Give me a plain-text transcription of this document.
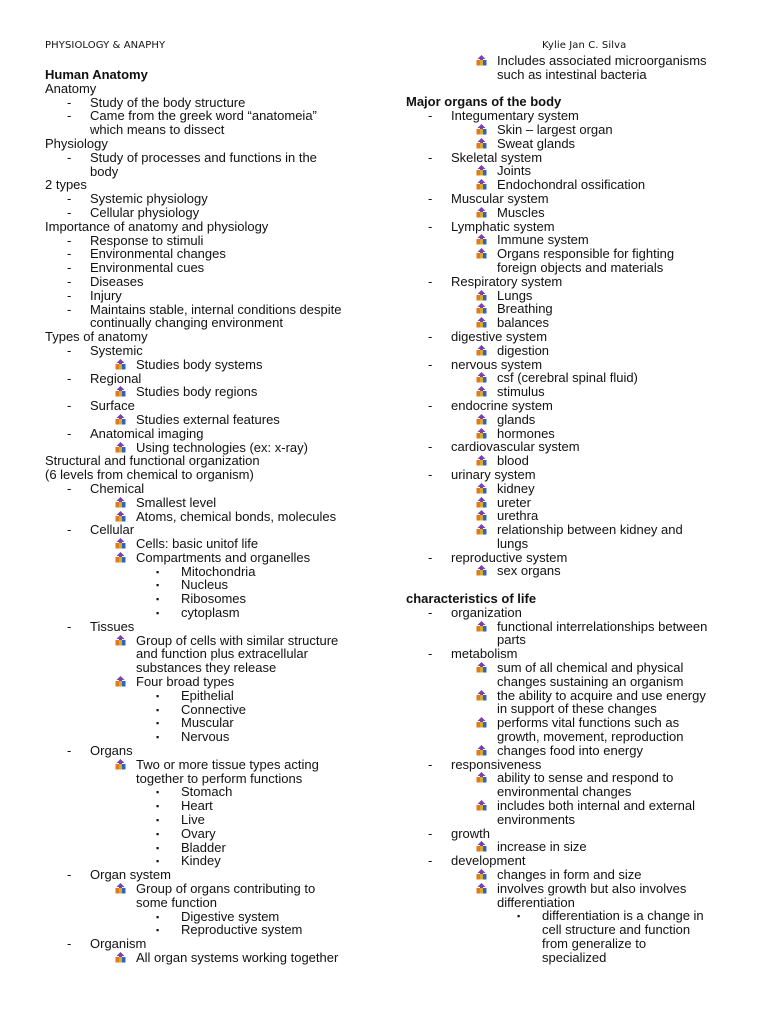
PHYSIOLOGY & ANAPHY	Kylie Jan C. Silva
Human Anatomy
Anatomy
- Study of the body structure
- Came from the greek word “anatomeia”
which means to dissect
Physiology
- Study of processes and functions in the
body
2 types
- Systemic physiology
- Cellular physiology
Importance of anatomy and physiology
- Response to stimuli
- Environmental changes
- Environmental cues
- Diseases
- Injury
- Maintains stable, internal conditions despite
continually changing environment
Types of anatomy
- Systemic
Studies body systems
- Regional
Studies body regions
- Surface
Studies external features
- Anatomical imaging
Using technologies (ex: x-ray)
Structural and functional organization
(6 levels from chemical to organism)
- Chemical
Smallest level
Atoms, chemical bonds, molecules
- Cellular
Cells: basic unitof life
Compartments and organelles
▪ Mitochondria
▪ Nucleus
▪ Ribosomes
▪ cytoplasm
- Tissues
Group of cells with similar structure
and function plus extracellular
substances they release
Four broad types
▪ Epithelial
▪ Connective
▪ Muscular
▪ Nervous
- Organs
Two or more tissue types acting
together to perform functions
▪ Stomach
▪ Heart
▪ Live
▪ Ovary
▪ Bladder
▪ Kindey
- Organ system
Group of organs contributing to
some function
▪ Digestive system
▪ Reproductive system
- Organism
All organ systems working together
Includes associated microorganisms
such as intestinal bacteria
Major organs of the body
- Integumentary system
Skin – largest organ
Sweat glands
- Skeletal system
Joints
Endochondral ossification
- Muscular system
Muscles
- Lymphatic system
Immune system
Organs responsible for fighting
foreign objects and materials
- Respiratory system
Lungs
Breathing
balances
- digestive system
digestion
- nervous system
csf (cerebral spinal fluid)
stimulus
- endocrine system
glands
hormones
- cardiovascular system
blood
- urinary system
kidney
ureter
urethra
relationship between kidney and
lungs
- reproductive system
sex organs
characteristics of life
- organization
functional interrelationships between
parts
- metabolism
sum of all chemical and physical
changes sustaining an organism
the ability to acquire and use energy
in support of these changes
performs vital functions such as
growth, movement, reproduction
changes food into energy
- responsiveness
ability to sense and respond to
environmental changes
includes both internal and external
environments
- growth
increase in size
- development
changes in form and size
involves growth but also involves
differentiation
▪ differentiation is a change in
cell structure and function
from generalize to
specialized
